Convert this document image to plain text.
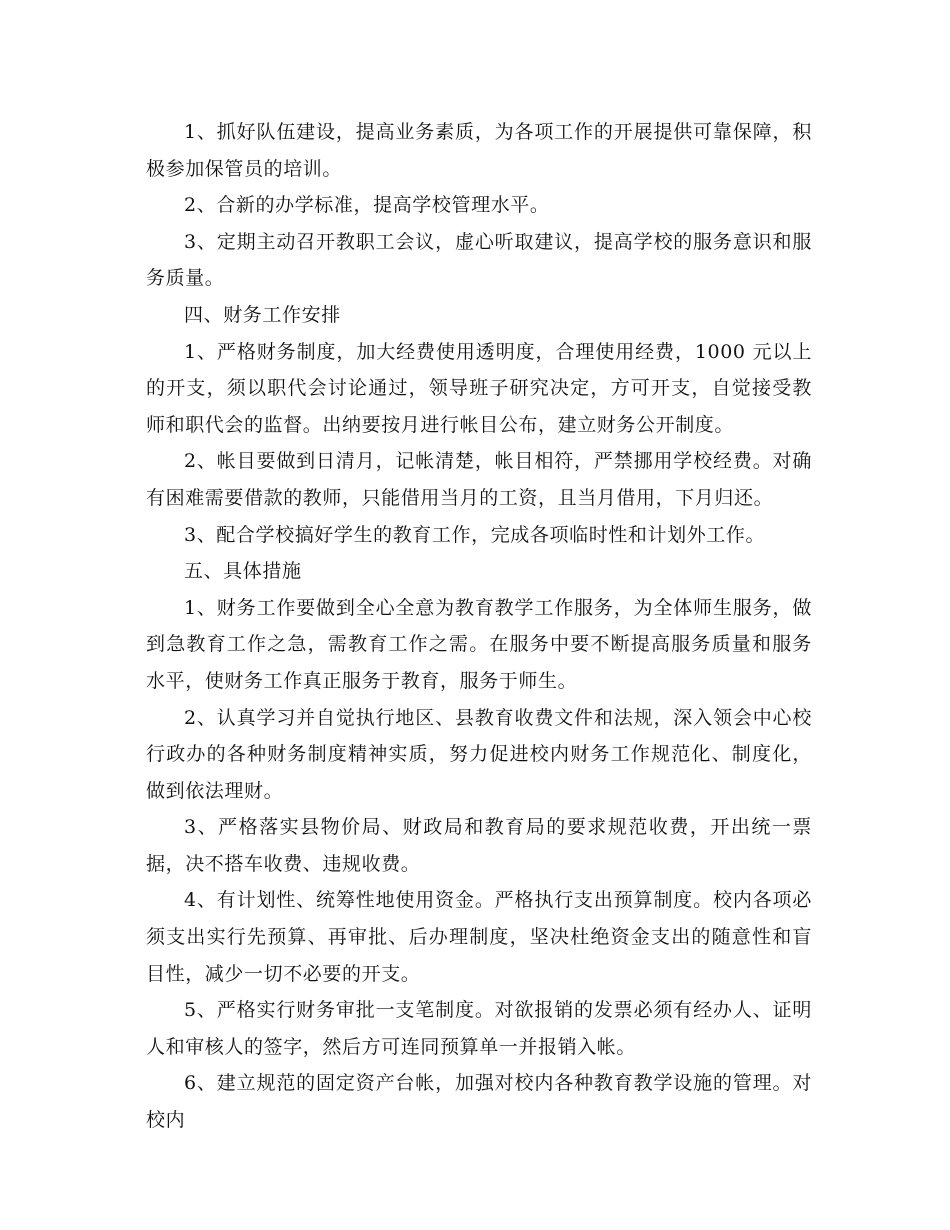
1、抓好队伍建设，提高业务素质，为各项工作的开展提供可靠保障，积极参加保管员的培训。

2、合新的办学标准，提高学校管理水平。

3、定期主动召开教职工会议，虚心听取建议，提高学校的服务意识和服务质量。

四、财务工作安排

1、严格财务制度，加大经费使用透明度，合理使用经费，1000 元以上的开支，须以职代会讨论通过，领导班子研究决定，方可开支，自觉接受教师和职代会的监督。出纳要按月进行帐目公布，建立财务公开制度。

2、帐目要做到日清月，记帐清楚，帐目相符，严禁挪用学校经费。对确有困难需要借款的教师，只能借用当月的工资，且当月借用，下月归还。

3、配合学校搞好学生的教育工作，完成各项临时性和计划外工作。

五、具体措施

1、财务工作要做到全心全意为教育教学工作服务，为全体师生服务，做到急教育工作之急，需教育工作之需。在服务中要不断提高服务质量和服务水平，使财务工作真正服务于教育，服务于师生。

2、认真学习并自觉执行地区、县教育收费文件和法规，深入领会中心校行政办的各种财务制度精神实质，努力促进校内财务工作规范化、制度化，做到依法理财。

3、严格落实县物价局、财政局和教育局的要求规范收费，开出统一票据，决不搭车收费、违规收费。

4、有计划性、统筹性地使用资金。严格执行支出预算制度。校内各项必须支出实行先预算、再审批、后办理制度，坚决杜绝资金支出的随意性和盲目性，减少一切不必要的开支。

5、严格实行财务审批一支笔制度。对欲报销的发票必须有经办人、证明人和审核人的签字，然后方可连同预算单一并报销入帐。

6、建立规范的固定资产台帐，加强对校内各种教育教学设施的管理。对校内
